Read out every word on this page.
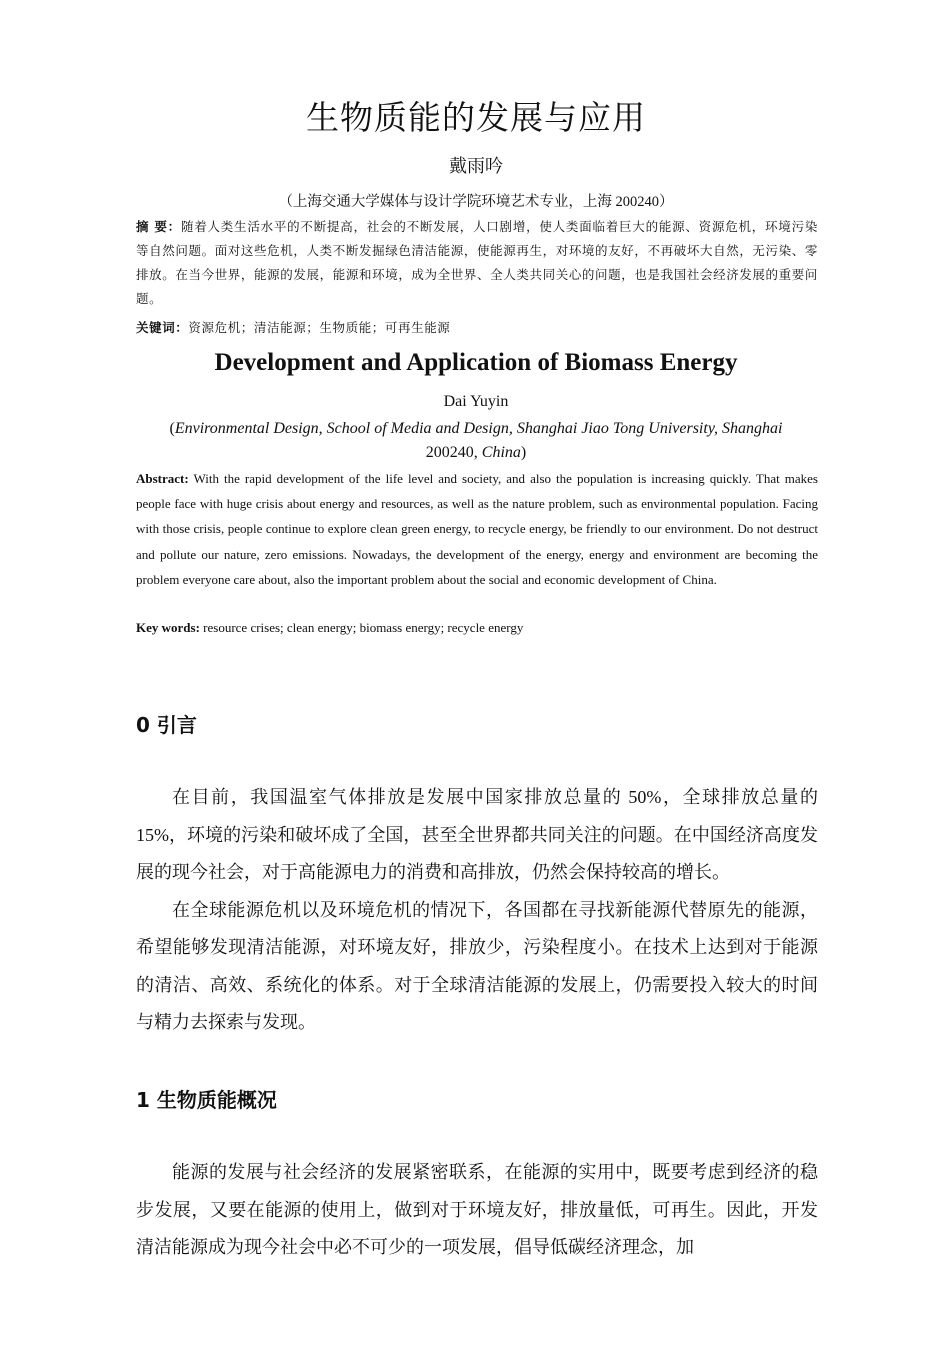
生物质能的发展与应用
戴雨吟
（上海交通大学媒体与设计学院环境艺术专业，上海 200240）
摘 要：随着人类生活水平的不断提高，社会的不断发展，人口剧增，使人类面临着巨大的能源、资源危机，环境污染等自然问题。面对这些危机，人类不断发掘绿色清洁能源，使能源再生，对环境的友好，不再破坏大自然，无污染、零排放。在当今世界，能源的发展，能源和环境，成为全世界、全人类共同关心的问题，也是我国社会经济发展的重要问题。
关键词：资源危机；清洁能源；生物质能；可再生能源
Development and Application of Biomass Energy
Dai Yuyin
(Environmental Design, School of Media and Design, Shanghai Jiao Tong University, Shanghai
200240, China)
Abstract: With the rapid development of the life level and society, and also the population is increasing quickly. That makes people face with huge crisis about energy and resources, as well as the nature problem, such as environmental population. Facing with those crisis, people continue to explore clean green energy, to recycle energy, be friendly to our environment. Do not destruct and pollute our nature, zero emissions. Nowadays, the development of the energy, energy and environment are becoming the problem everyone care about, also the important problem about the social and economic development of China.
Key words: resource crises; clean energy; biomass energy; recycle energy
0 引言

在目前，我国温室气体排放是发展中国家排放总量的 50%，全球排放总量的 15%，环境的污染和破坏成了全国，甚至全世界都共同关注的问题。在中国经济高度发展的现今社会，对于高能源电力的消费和高排放，仍然会保持较高的增长。

在全球能源危机以及环境危机的情况下，各国都在寻找新能源代替原先的能源，希望能够发现清洁能源，对环境友好，排放少，污染程度小。在技术上达到对于能源的清洁、高效、系统化的体系。对于全球清洁能源的发展上，仍需要投入较大的时间与精力去探索与发现。

1 生物质能概况

能源的发展与社会经济的发展紧密联系，在能源的实用中，既要考虑到经济的稳步发展，又要在能源的使用上，做到对于环境友好，排放量低，可再生。因此，开发清洁能源成为现今社会中必不可少的一项发展，倡导低碳经济理念，加
